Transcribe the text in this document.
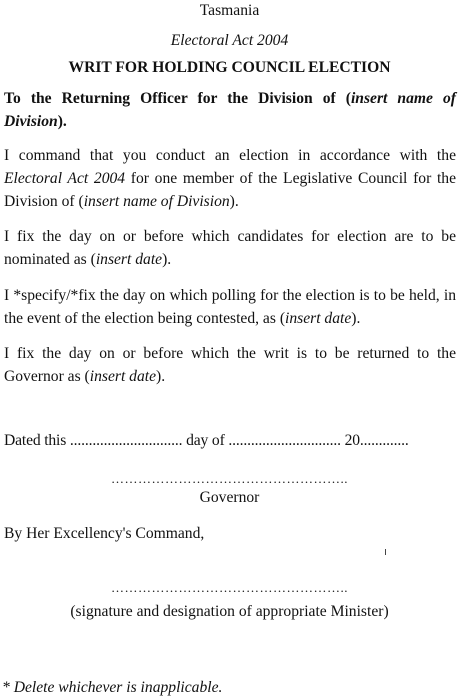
Tasmania
Electoral Act 2004
WRIT FOR HOLDING COUNCIL ELECTION
To the Returning Officer for the Division of (insert name of Division).
I command that you conduct an election in accordance with the Electoral Act 2004 for one member of the Legislative Council for the Division of (insert name of Division).
I fix the day on or before which candidates for election are to be nominated as (insert date).
I *specify/*fix the day on which polling for the election is to be held, in the event of the election being contested, as (insert date).
I fix the day on or before which the writ is to be returned to the Governor as (insert date).
Dated this .............................. day of .............................. 20.............
……………………………………………..
Governor
By Her Excellency's Command,
……………………………………………..
(signature and designation of appropriate Minister)
* Delete whichever is inapplicable.
